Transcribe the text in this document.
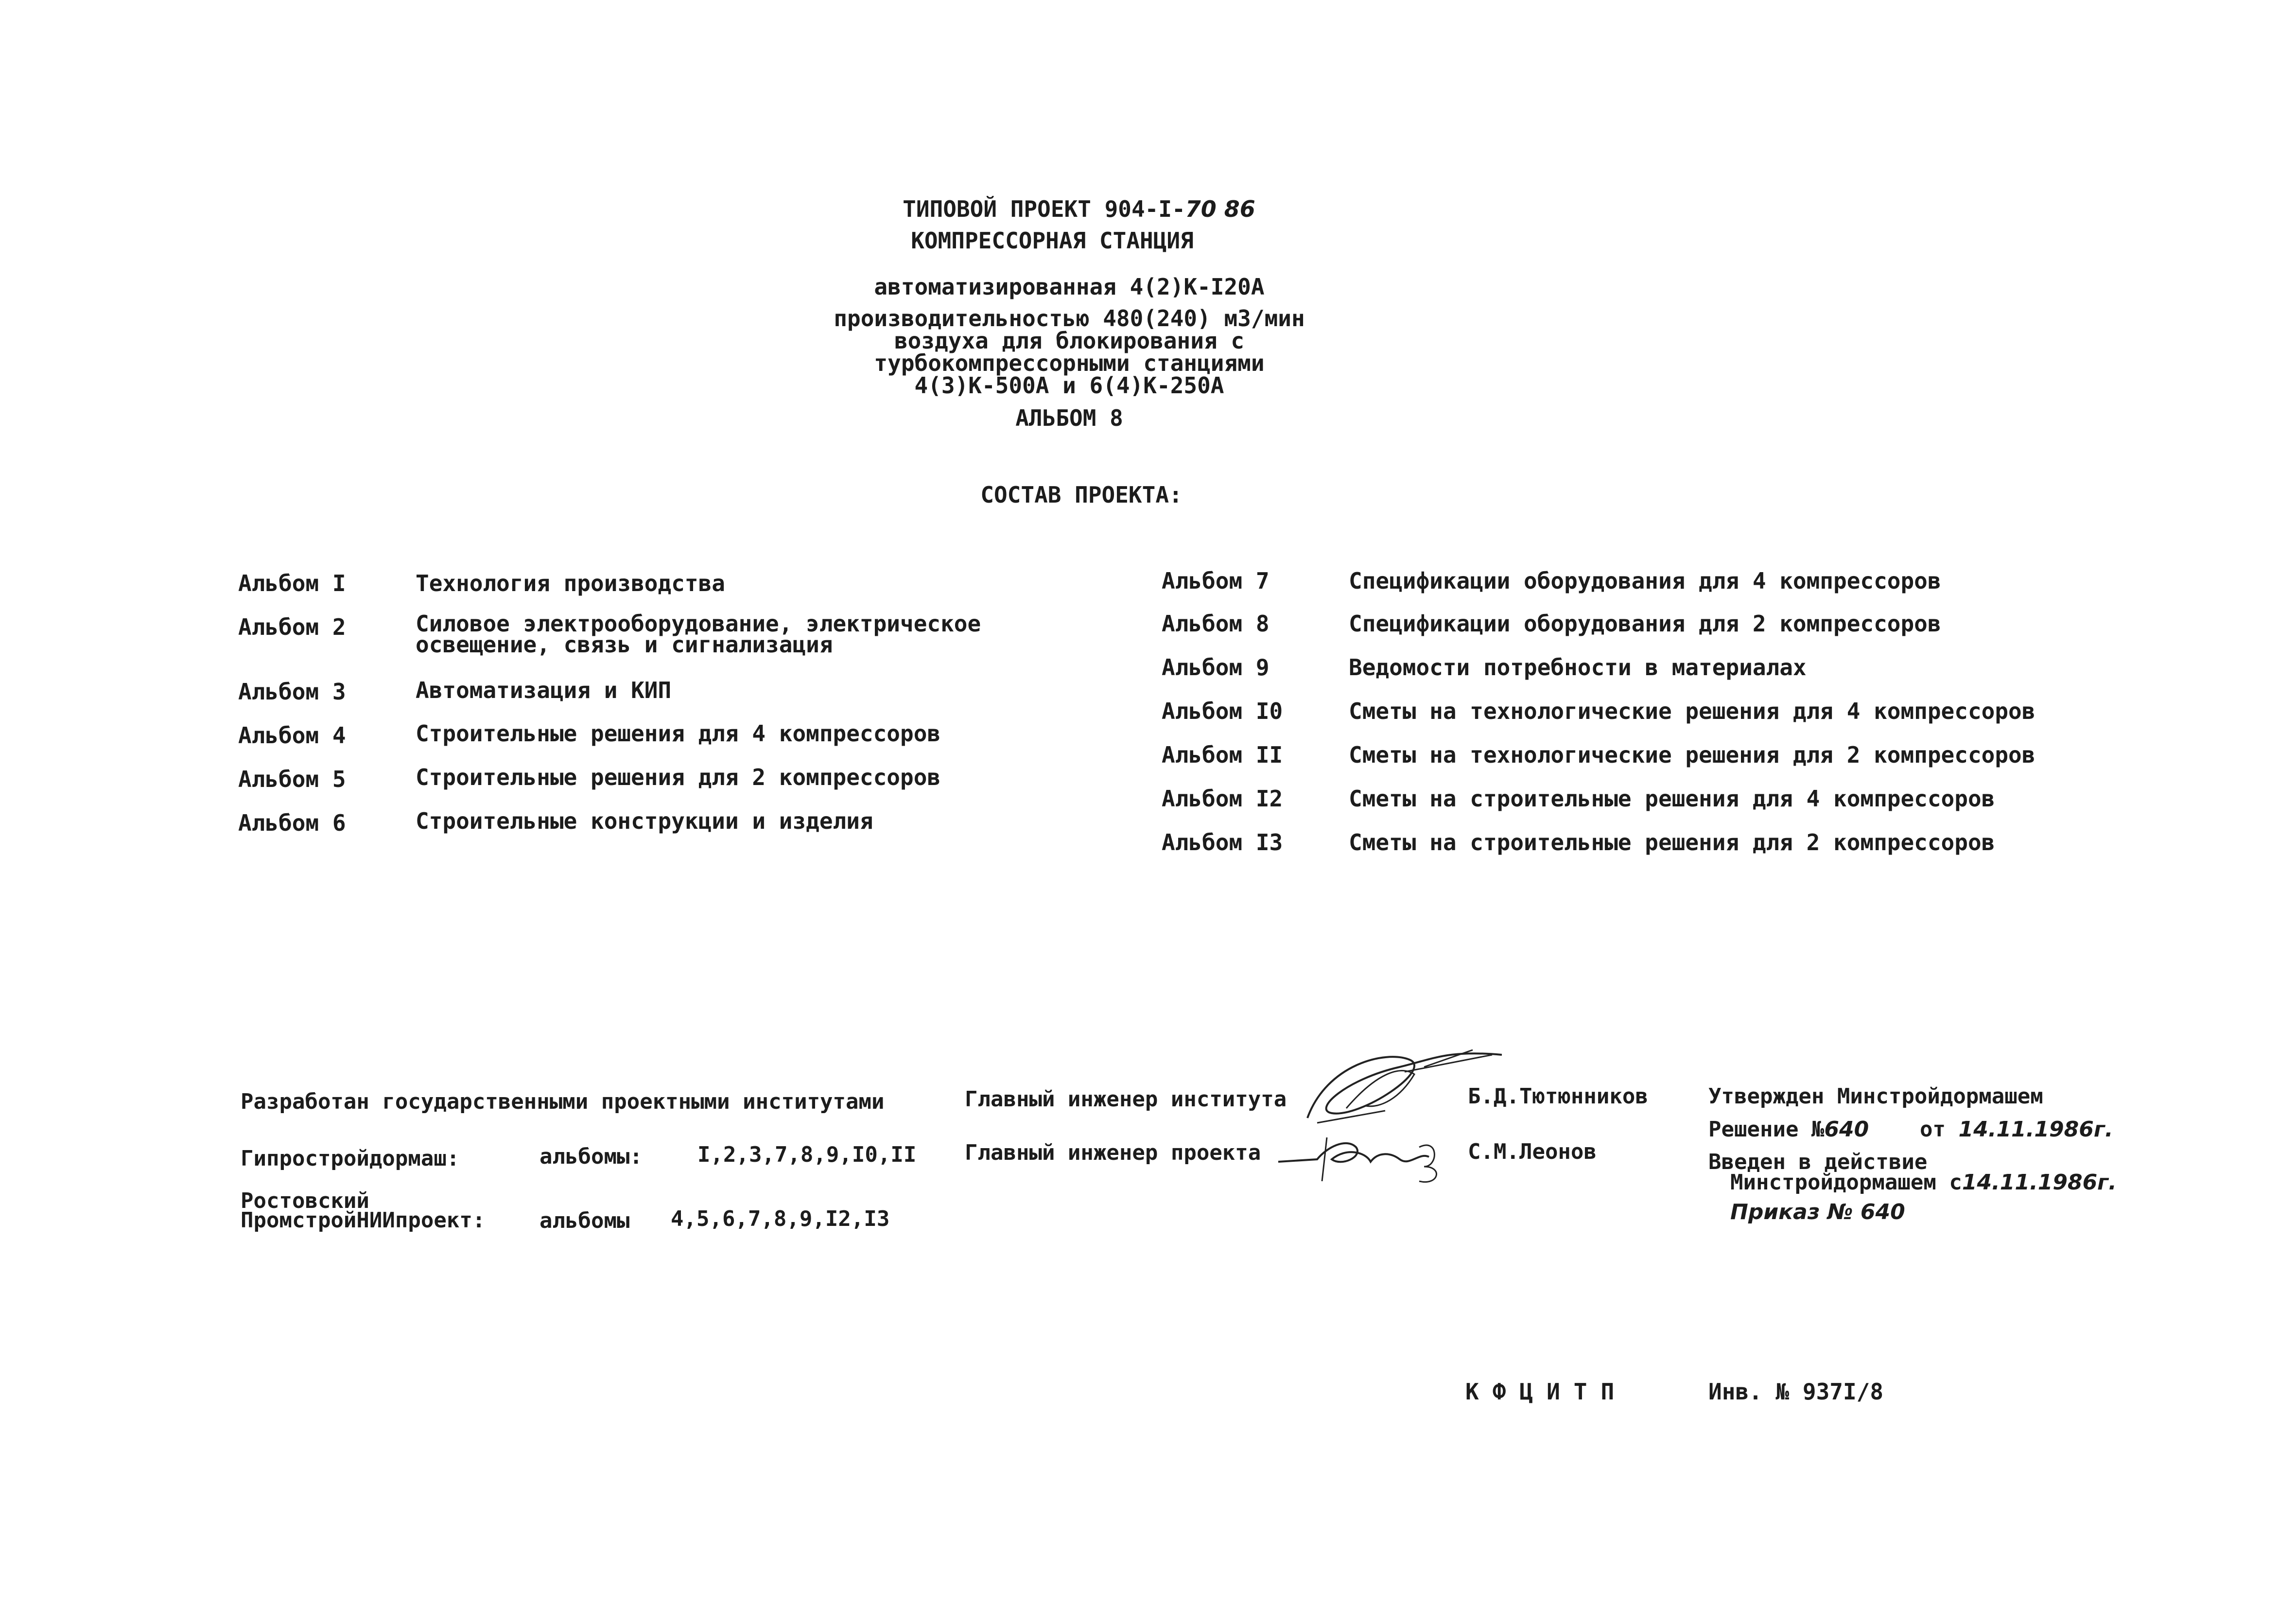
ТИПОВОЙ ПРОЕКТ 904-I-70 86
КОМПРЕССОРНАЯ СТАНЦИЯ
автоматизированная 4(2)К-I20А
производительностью 480(240) м3/мин
воздуха для блокирования с
турбокомпрессорными станциями
4(3)К-500А и 6(4)К-250А
АЛЬБОМ 8
СОСТАВ ПРОЕКТА:
Альбом I	Технология производства
Альбом 2	Силовое электрооборудование, электрическое
освещение, связь и сигнализация
Альбом 3	Автоматизация и КИП
Альбом 4	Строительные решения для 4 компрессоров
Альбом 5	Строительные решения для 2 компрессоров
Альбом 6	Строительные конструкции и изделия
Альбом 7	Спецификации оборудования для 4 компрессоров
Альбом 8	Спецификации оборудования для 2 компрессоров
Альбом 9	Ведомости потребности в материалах
Альбом I0	Сметы на технологические решения для 4 компрессоров
Альбом II	Сметы на технологические решения для 2 компрессоров
Альбом I2	Сметы на строительные решения для 4 компрессоров
Альбом I3	Сметы на строительные решения для 2 компрессоров
Разработан государственными проектными институтами
Гипростройдормаш:	альбомы:	I,2,3,7,8,9,I0,II
Ростовский
ПромстройНИИпроект:	альбомы 4,5,6,7,8,9,I2,I3
Главный инженер института
Главный инженер проекта
Б.Д.Тютюнников
С.М.Леонов
Утвержден Минстройдормашем
Решение №640 от 14.11.1986г.
Введен в действие
Минстройдормашем с14.11.1986г.
Приказ № 640
КФЦИТП	Инв. № 937I/8
